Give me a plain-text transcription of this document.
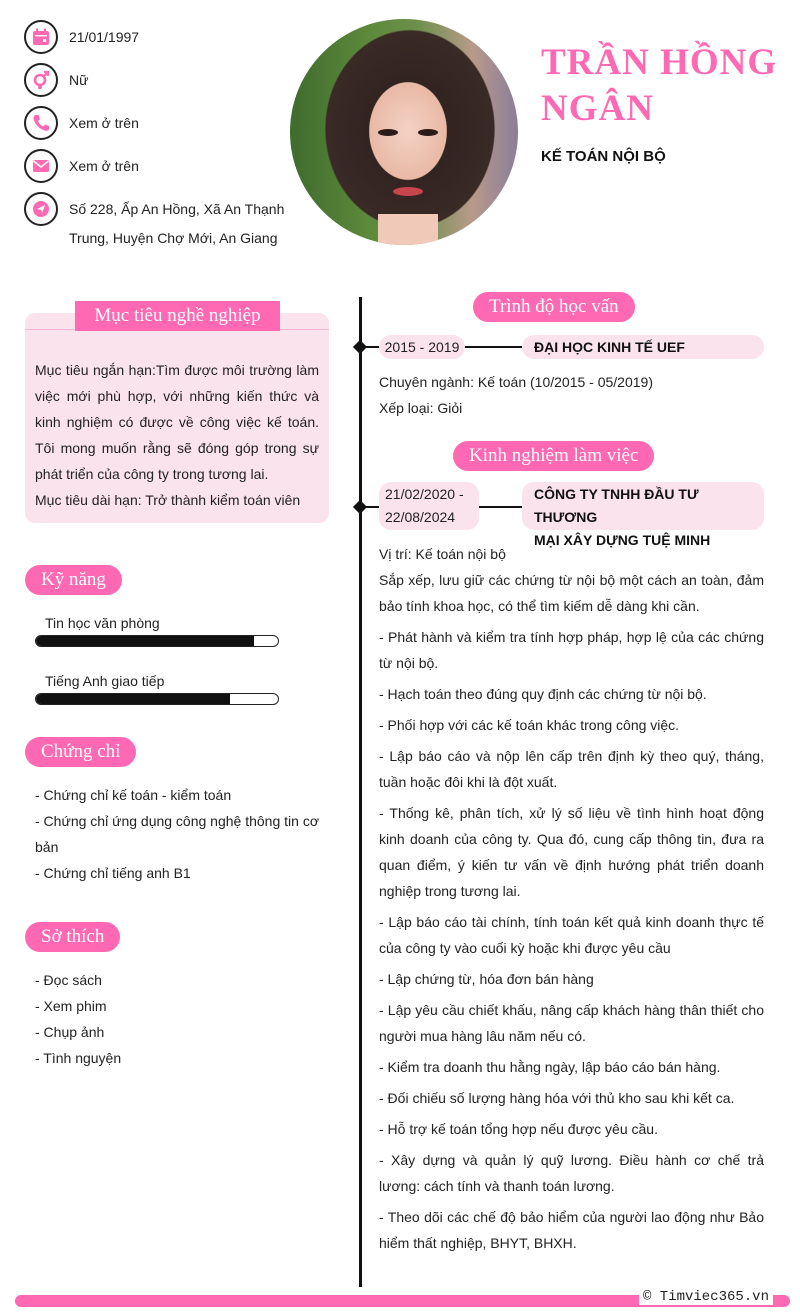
21/01/1997
Nữ
Xem ở trên
Xem ở trên
Số 228, Ấp An Hồng, Xã An Thạnh
Trung, Huyện Chợ Mới, An Giang
TRẦN HỒNG NGÂN
KẾ TOÁN NỘI BỘ
Mục tiêu nghề nghiệp
Mục tiêu ngắn hạn:Tìm được môi trường làm việc mới phù hợp, với những kiến thức và kinh nghiệm có được về công việc kế toán. Tôi mong muốn rằng sẽ đóng góp trong sự phát triển của công ty trong tương lai.
Mục tiêu dài hạn: Trở thành kiểm toán viên
Kỹ năng
Tin học văn phòng
Tiếng Anh giao tiếp
Chứng chỉ
- Chứng chỉ kế toán - kiểm toán
- Chứng chỉ ứng dụng công nghệ thông tin cơ bản
- Chứng chỉ tiếng anh B1
Sở thích
- Đọc sách
- Xem phim
- Chụp ảnh
- Tình nguyện
Trình độ học vấn
2015 - 2019	ĐẠI HỌC KINH TẾ UEF
Chuyên ngành: Kế toán (10/2015 - 05/2019)
Xếp loại: Giỏi
Kinh nghiệm làm việc
21/02/2020 -
22/08/2024
CÔNG TY TNHH ĐẦU TƯ THƯƠNG
MẠI XÂY DỰNG TUỆ MINH

Vị trí: Kế toán nội bộ

Sắp xếp, lưu giữ các chứng từ nội bộ một cách an toàn, đảm bảo tính khoa học, có thể tìm kiếm dễ dàng khi cần.

- Phát hành và kiểm tra tính hợp pháp, hợp lệ của các chứng từ nội bộ.

- Hạch toán theo đúng quy định các chứng từ nội bộ.

- Phối hợp với các kế toán khác trong công việc.

- Lập báo cáo và nộp lên cấp trên định kỳ theo quý, tháng, tuần hoặc đôi khi là đột xuất.

- Thống kê, phân tích, xử lý số liệu về tình hình hoạt động kinh doanh của công ty. Qua đó, cung cấp thông tin, đưa ra quan điểm, ý kiến tư vấn về định hướng phát triển doanh nghiệp trong tương lai.

- Lập báo cáo tài chính, tính toán kết quả kinh doanh thực tế của công ty vào cuối kỳ hoặc khi được yêu cầu

- Lập chứng từ, hóa đơn bán hàng

- Lập yêu cầu chiết khấu, nâng cấp khách hàng thân thiết cho người mua hàng lâu năm nếu có.

- Kiểm tra doanh thu hằng ngày, lập báo cáo bán hàng.

- Đối chiếu số lượng hàng hóa với thủ kho sau khi kết ca.

- Hỗ trợ kế toán tổng hợp nếu được yêu cầu.

- Xây dựng và quản lý quỹ lương. Điều hành cơ chế trả lương: cách tính và thanh toán lương.

- Theo dõi các chế độ bảo hiểm của người lao động như Bảo hiểm thất nghiệp, BHYT, BHXH.

© Timviec365.vn
